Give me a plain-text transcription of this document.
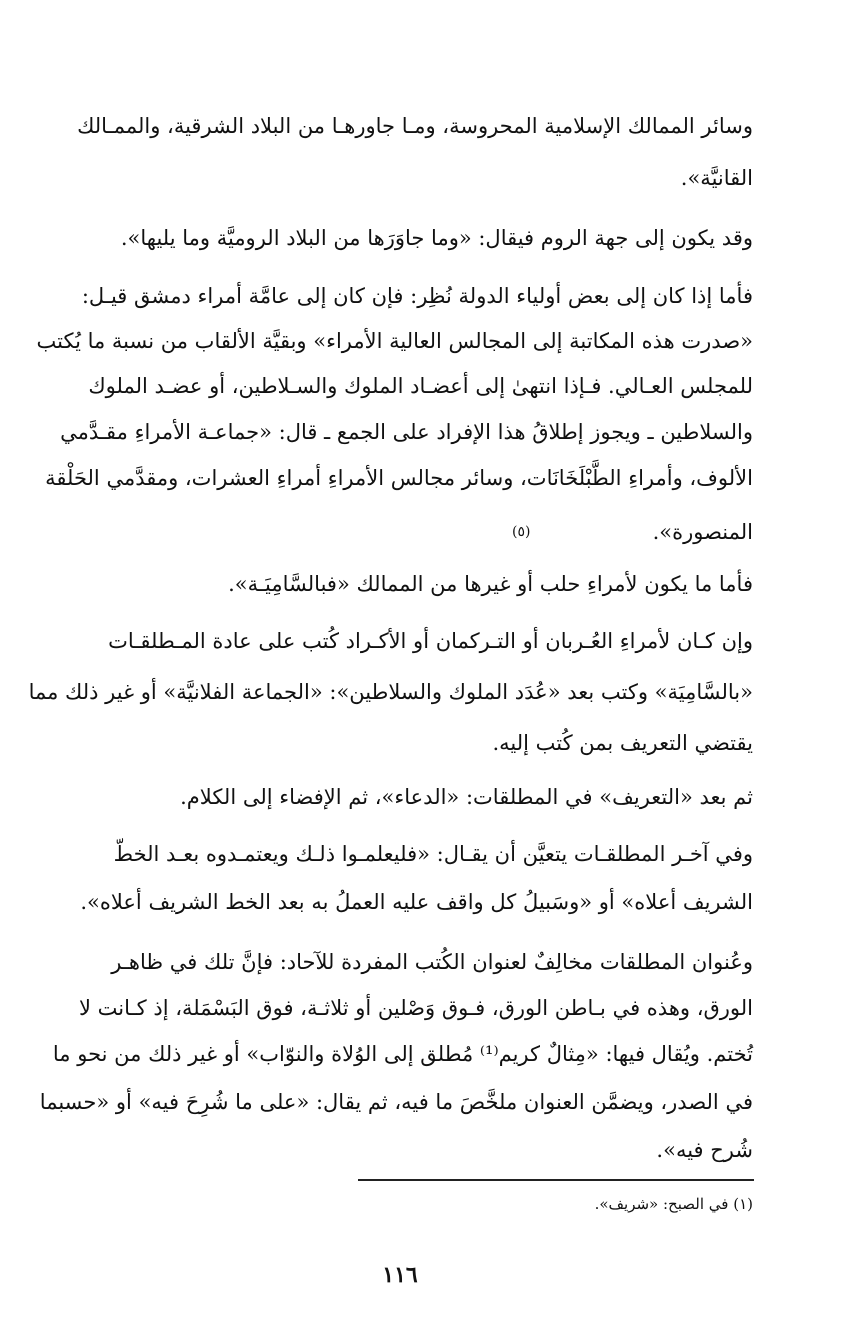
وسائر الممالك الإسلامية المحروسة، ومـا جاورهـا من البلاد الشرقية، والممـالك
القانيَّة».
وقد يكون إلى جهة الروم فيقال: «وما جاوَرَها من البلاد الروميَّة وما يليها».
فأما إذا كان إلى بعض أولياء الدولة نُظِر: فإن كان إلى عامَّة أمراء دمشق قيـل:
«صدرت هذه المكاتبة إلى المجالس العالية الأمراء» وبقيَّة الألقاب من نسبة ما يُكتب
للمجلس العـالي. فـإذا انتهىٰ إلى أعضـاد الملوك والسـلاطين، أو عضـد الملوك
والسلاطين ـ ويجوز إطلاقُ هذا الإفراد على الجمع ـ قال: «جماعـة الأمراءِ مقـدَّمي
الألوف، وأمراءِ الطَّبْلَخَانَات، وسائر مجالس الأمراءِ أمراءِ العشرات، ومقدَّمي الحَلْقة
المنصورة».
(٥)
فأما ما يكون لأمراءِ حلب أو غيرها من الممالك «فبالسَّامِيَـة».
وإن كـان لأمراءِ العُـربان أو التـركمان أو الأكـراد كُتب على عادة المـطلقـات
«بالسَّامِيَة» وكتب بعد «عُدَد الملوك والسلاطين»: «الجماعة الفلانيَّة» أو غير ذلك مما
يقتضي التعريف بمن كُتب إليه.
ثم بعد «التعريف» في المطلقات: «الدعاء»، ثم الإفضاء إلى الكلام.
وفي آخـر المطلقـات يتعيَّن أن يقـال: «فليعلمـوا ذلـك ويعتمـدوه بعـد الخطّ
الشريف أعلاه» أو «وسَبيلُ كل واقف عليه العملُ به بعد الخط الشريف أعلاه».
وعُنوان المطلقات مخالِفٌ لعنوان الكُتب المفردة للآحاد: فإنَّ تلك في ظاهـر
الورق، وهذه في بـاطن الورق، فـوق وَصْلين أو ثلاثـة، فوق البَسْمَلة، إذ كـانت لا
تُختم. ويُقال فيها: «مِثالٌ كريم⁽¹⁾ مُطلق إلى الوُلاة والنوّاب» أو غير ذلك من نحو ما
في الصدر، ويضمَّن العنوان ملخَّصَ ما فيه، ثم يقال: «على ما شُرِحَ فيه» أو «حسبما
شُرح فيه».
(١) في الصبح: «شريف».
١١٦
